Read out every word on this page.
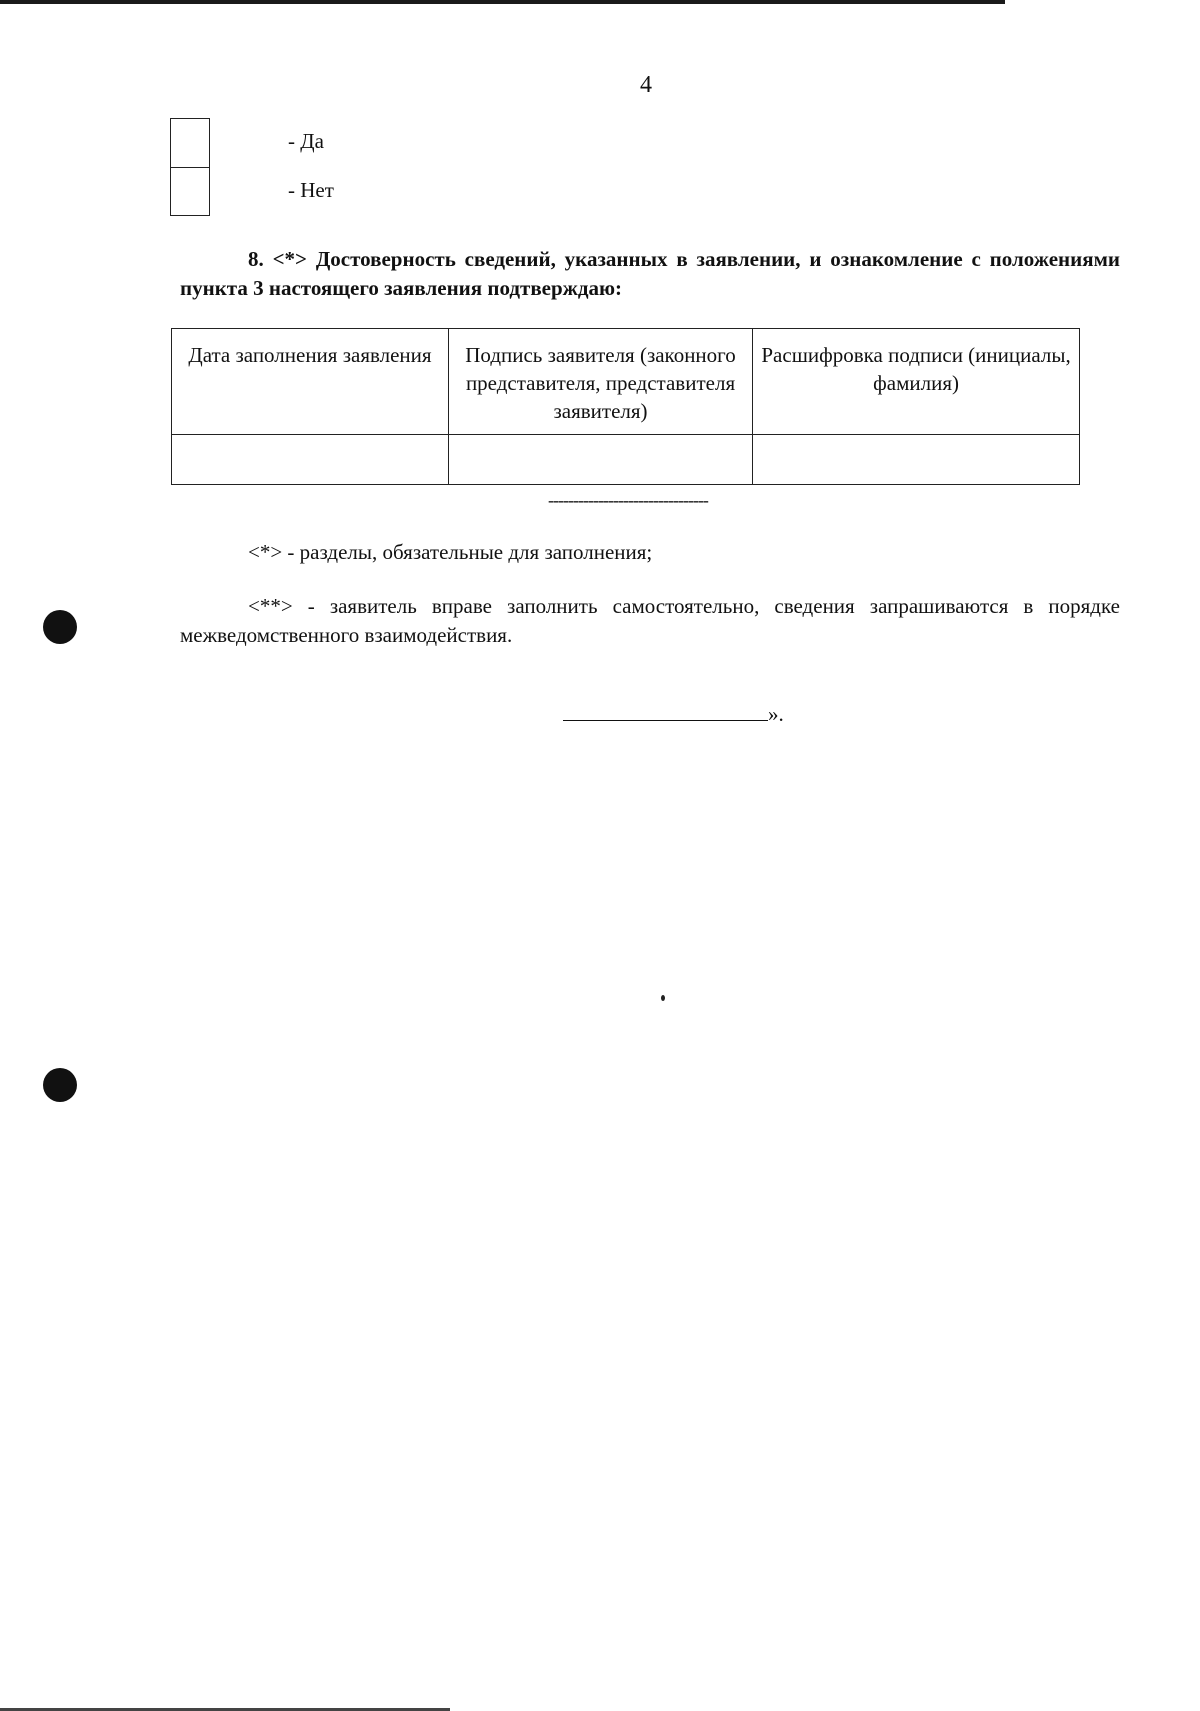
4
- Да
- Нет
8. <*> Достоверность сведений, указанных в заявлении, и ознакомление с положениями пункта 3 настоящего заявления подтверждаю:
Дата заполнения заявления	Подпись заявителя (законного представителя, представителя заявителя)	Расшифровка подписи (инициалы, фамилия)

--------------------------------
<*> - разделы, обязательные для заполнения;
<**> - заявитель вправе заполнить самостоятельно, сведения запрашиваются в порядке межведомственного взаимодействия.
».
